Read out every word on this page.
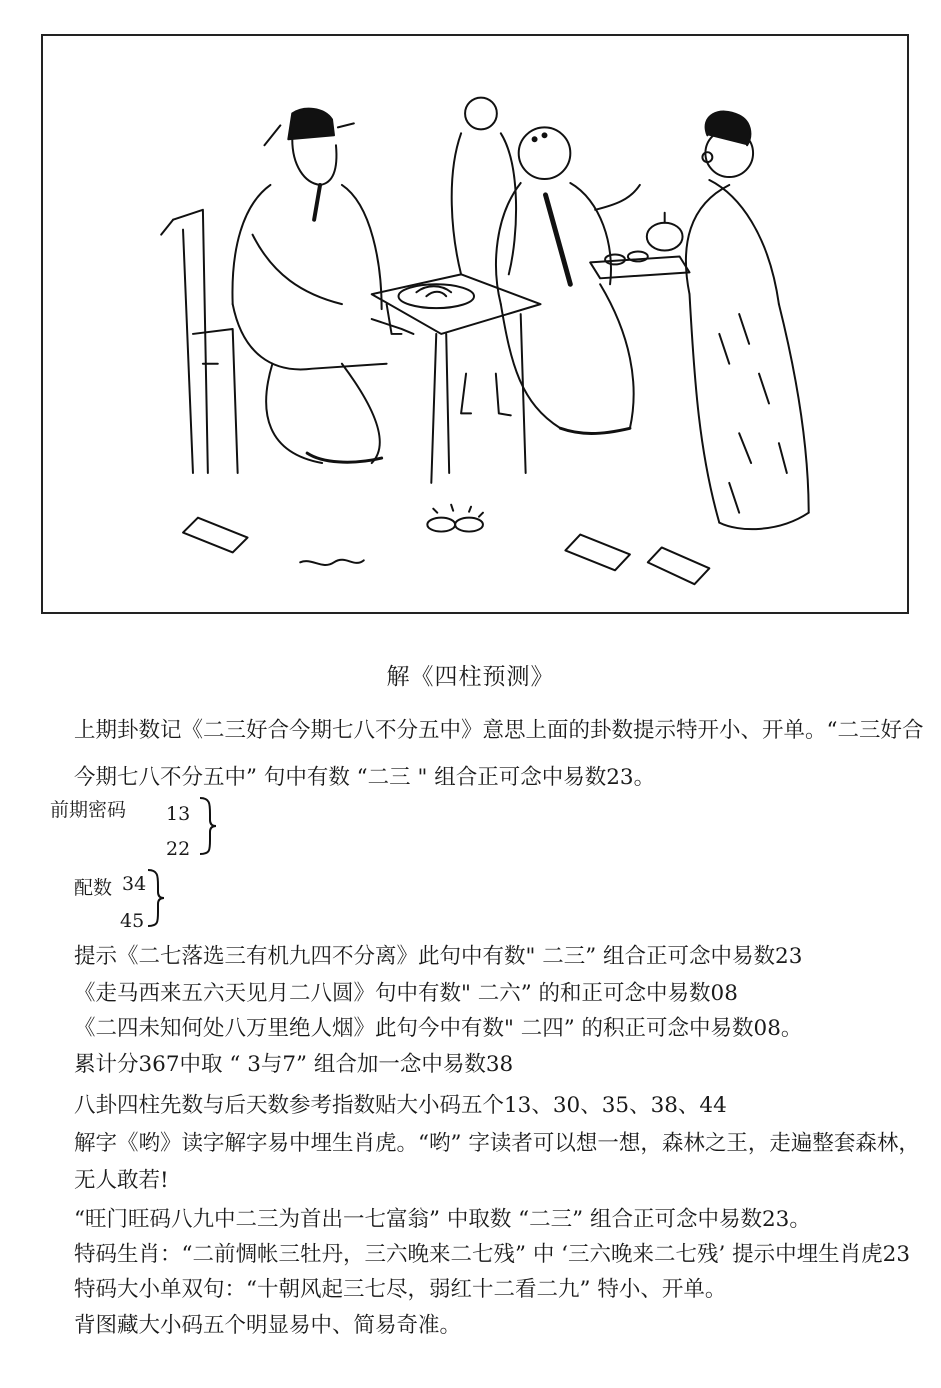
解《四柱预测》
上期卦数记《二三好合今期七八不分五中》意思上面的卦数提示特开小、开单。“二三好合
今期七八不分五中” 句中有数 “二三 " 组合正可念中易数23。
前期密码 13
22
配数 34
45
提示《二七落选三有机九四不分离》此句中有数" 二三” 组合正可念中易数23
《走马西来五六天见月二八圆》句中有数" 二六” 的和正可念中易数08
《二四未知何处八万里绝人烟》此句今中有数" 二四” 的积正可念中易数08。
累计分367中取 “ 3与7” 组合加一念中易数38
八卦四柱先数与后天数参考指数贴大小码五个13、30、35、38、44
解字《哟》读字解字易中埋生肖虎。“哟” 字读者可以想一想，森林之王，走遍整套森林，
无人敢若!
“旺门旺码八九中二三为首出一七富翁” 中取数 “二三” 组合正可念中易数23。
特码生肖：“二前惆帐三牡丹，三六晚来二七残” 中 ‘三六晚来二七残’ 提示中埋生肖虎23
特码大小单双句：“十朝风起三七尽，弱红十二看二九” 特小、开单。
背图藏大小码五个明显易中、简易奇准。
